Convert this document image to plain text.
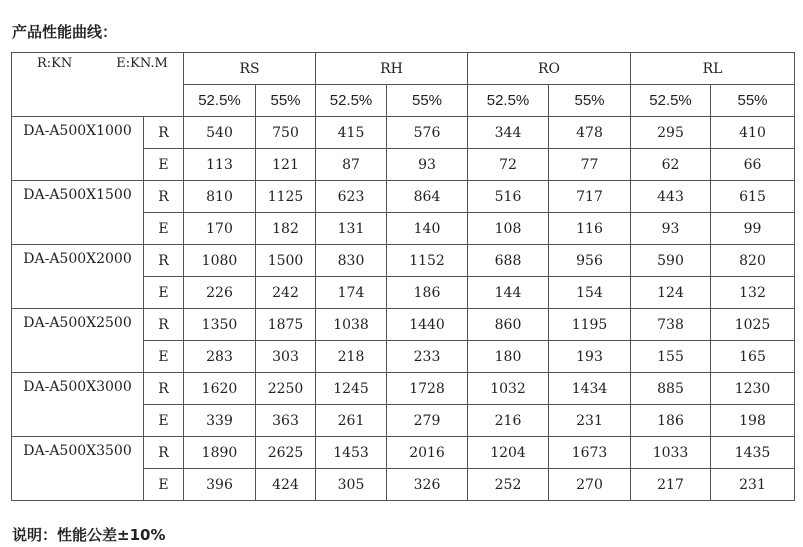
产品性能曲线：
R:KN E:KN.M		RS		RH		RO		RL	
		52.5%	55%	52.5%	55%	52.5%	55%	52.5%	55%
DA-A500X1000	R	540	750	415	576	344	478	295	410
	E	113	121	87	93	72	77	62	66
DA-A500X1500	R	810	1125	623	864	516	717	443	615
	E	170	182	131	140	108	116	93	99
DA-A500X2000	R	1080	1500	830	1152	688	956	590	820
	E	226	242	174	186	144	154	124	132
DA-A500X2500	R	1350	1875	1038	1440	860	1195	738	1025
	E	283	303	218	233	180	193	155	165
DA-A500X3000	R	1620	2250	1245	1728	1032	1434	885	1230
	E	339	363	261	279	216	231	186	198
DA-A500X3500	R	1890	2625	1453	2016	1204	1673	1033	1435
	E	396	424	305	326	252	270	217	231
说明：性能公差±10%
